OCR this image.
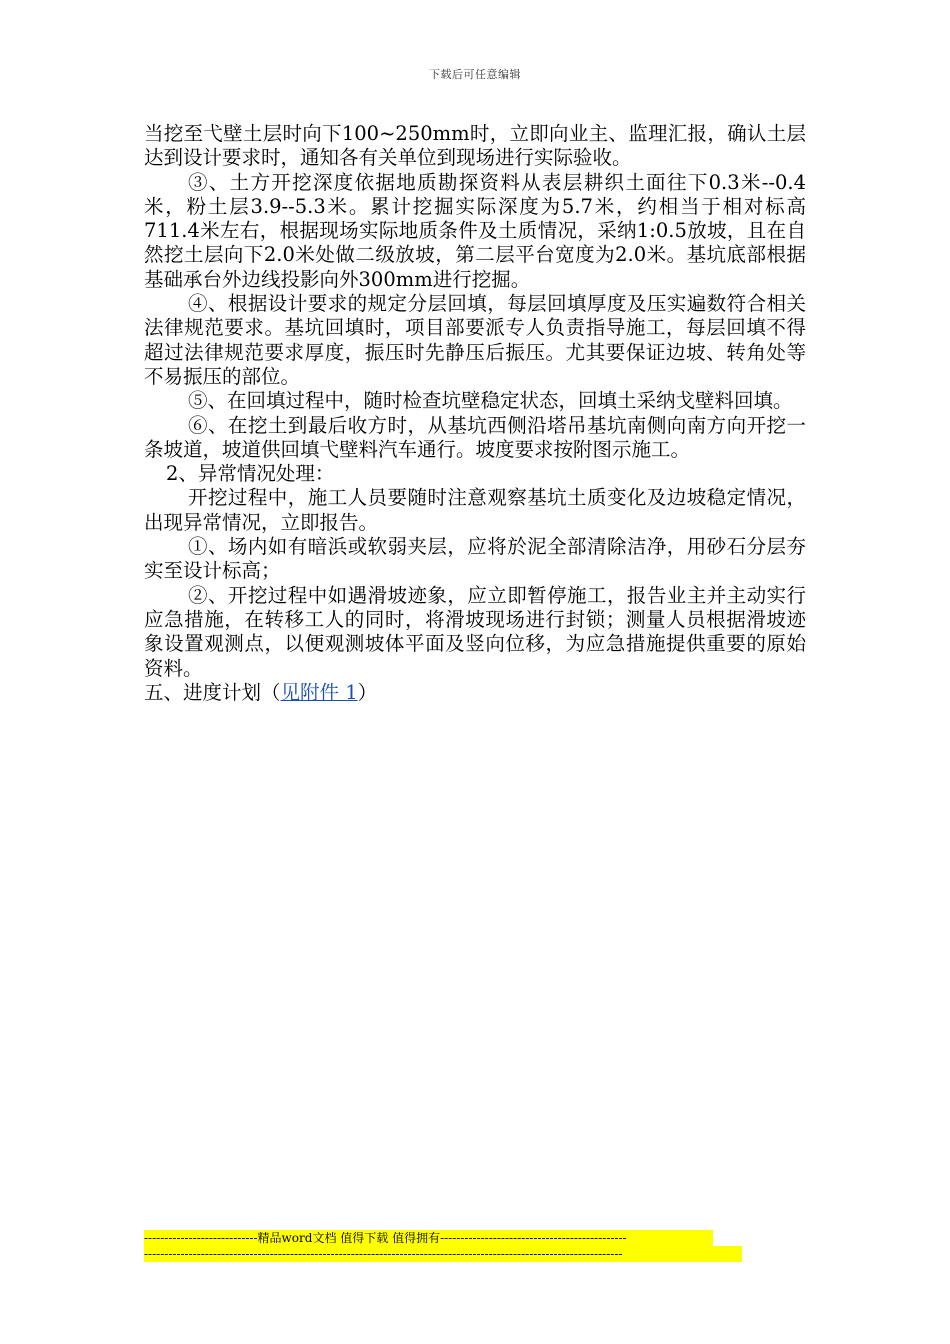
下载后可任意编辑

当挖至弋壁土层时向下100~250mm时，立即向业主、监理汇报，确认土层达到设计要求时，通知各有关单位到现场进行实际验收。

③、土方开挖深度依据地质勘探资料从表层耕织土面往下0.3米--0.4米，粉土层3.9--5.3米。累计挖掘实际深度为5.7米，约相当于相对标高711.4米左右，根据现场实际地质条件及土质情况，采纳1:0.5放坡，且在自然挖土层向下2.0米处做二级放坡，第二层平台宽度为2.0米。基坑底部根据基础承台外边线投影向外300mm进行挖掘。

④、根据设计要求的规定分层回填，每层回填厚度及压实遍数符合相关法律规范要求。基坑回填时，项目部要派专人负责指导施工，每层回填不得超过法律规范要求厚度，振压时先静压后振压。尤其要保证边坡、转角处等不易振压的部位。

⑤、在回填过程中，随时检查坑壁稳定状态，回填土采纳戈壁料回填。

⑥、在挖土到最后收方时，从基坑西侧沿塔吊基坑南侧向南方向开挖一条坡道，坡道供回填弋壁料汽车通行。坡度要求按附图示施工。

2、异常情况处理：

开挖过程中，施工人员要随时注意观察基坑土质变化及边坡稳定情况，出现异常情况，立即报告。

①、场内如有暗浜或软弱夹层，应将於泥全部清除洁净，用砂石分层夯实至设计标高；

②、开挖过程中如遇滑坡迹象，应立即暂停施工，报告业主并主动实行应急措施，在转移工人的同时，将滑坡现场进行封锁；测量人员根据滑坡迹象设置观测点，以便观测坡体平面及竖向位移，为应急措施提供重要的原始资料。

五、进度计划（见附件 1）

----------------------------精品word文档 值得下载 值得拥有----------------------------------------------
----------------------------------------------------------------------------------------------------------------------
